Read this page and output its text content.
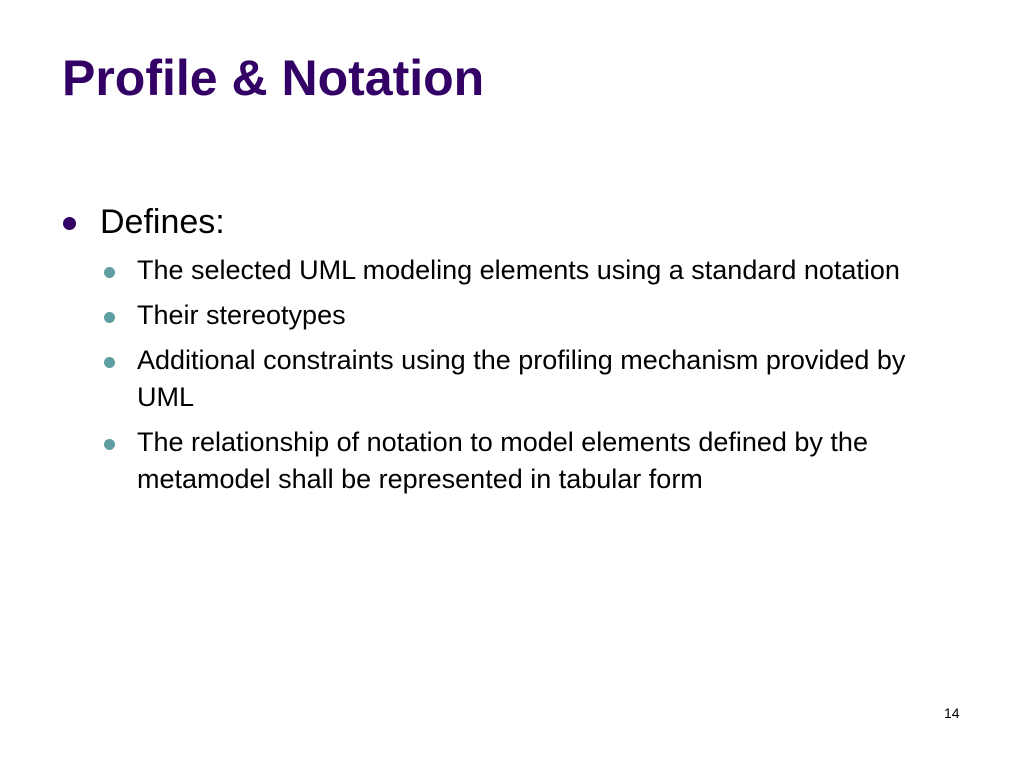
Profile & Notation
Defines:
The selected UML modeling elements using a standard notation
Their stereotypes
Additional constraints using the profiling mechanism provided by UML
The relationship of notation to model elements defined by the metamodel shall be represented in tabular form
14
